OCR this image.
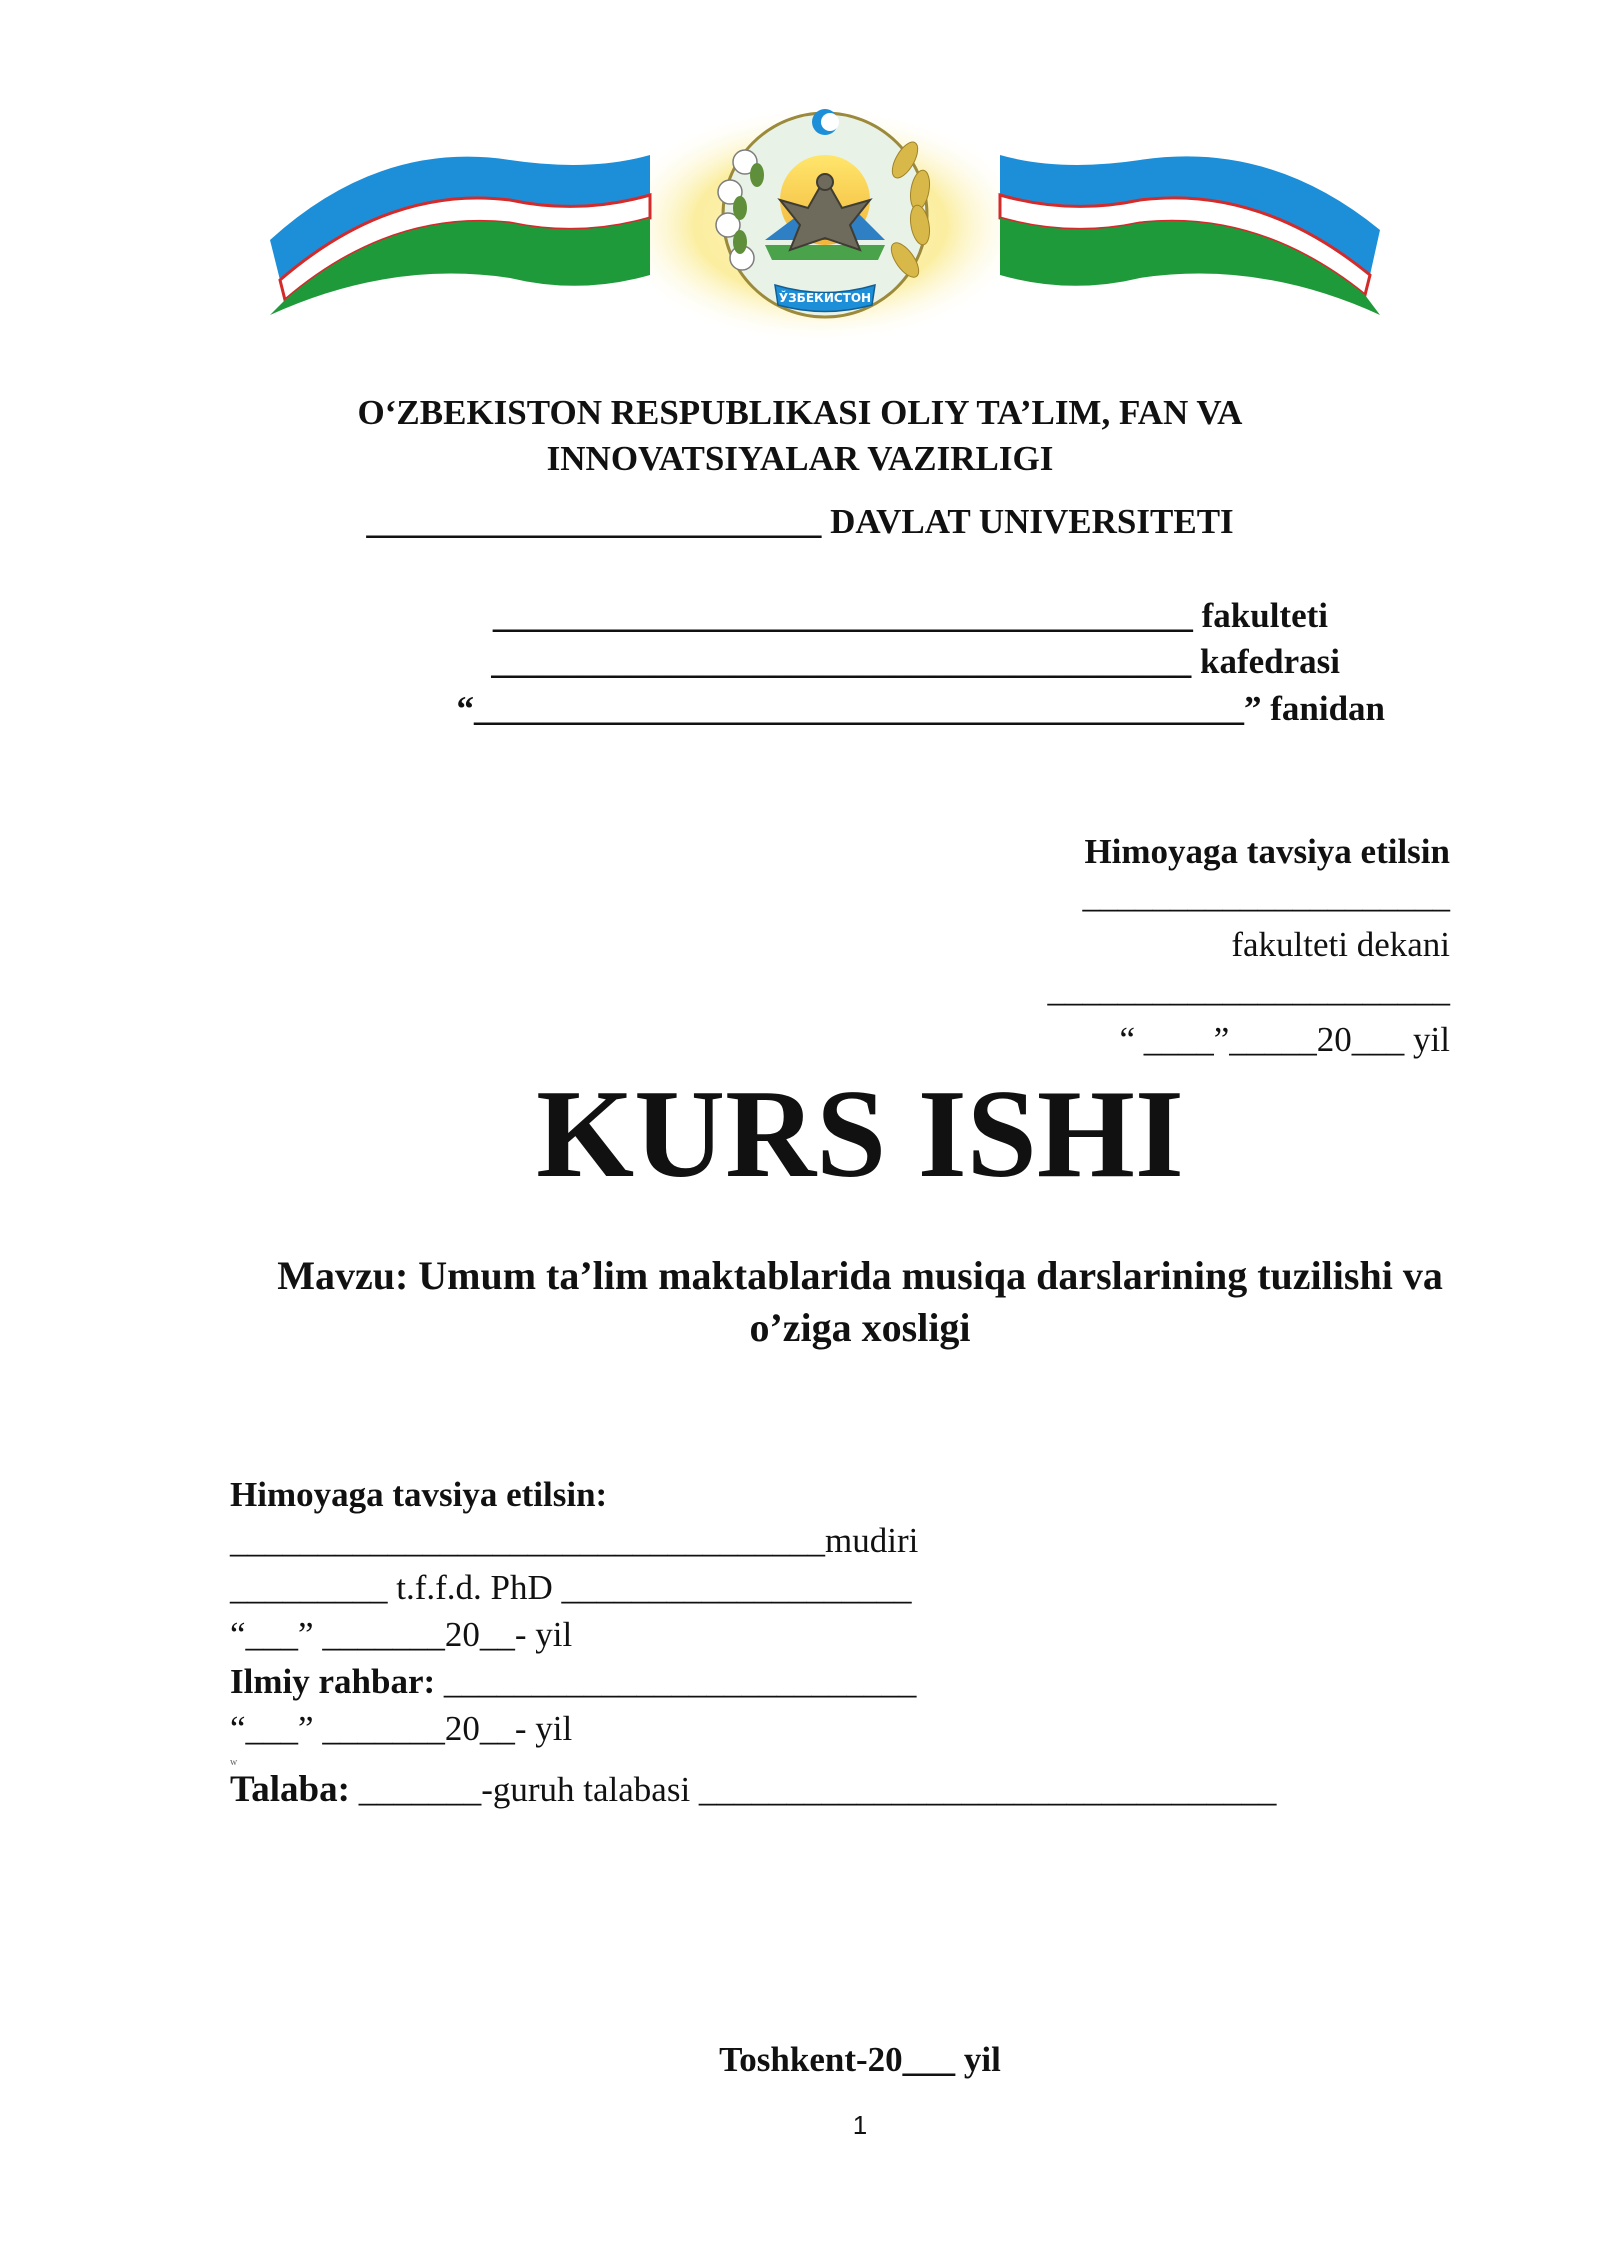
ЎЗБЕКИСТОН
O‘ZBEKISTON RESPUBLIKASI OLIY TA’LIM, FAN VA
INNOVATSIYALAR VAZIRLIGI
__________________________ DAVLAT UNIVERSITETI
________________________________________ fakulteti
________________________________________ kafedrasi
“____________________________________________” fanidan
Himoyaga tavsiya etilsin
_____________________
fakulteti dekani
_______________________
“ ____”_____20___ yil
KURS ISHI
Mavzu: Umum ta’lim maktablarida musiqa darslarining tuzilishi va
o’ziga xosligi
Himoyaga tavsiya etilsin:
__________________________________mudiri
_________ t.f.f.d. PhD ____________________
“___” _______20__- yil
Ilmiy rahbar: ___________________________
“___” _______20__- yil
w
Talaba: _______-guruh talabasi _________________________________
Toshkent-20___ yil
1
